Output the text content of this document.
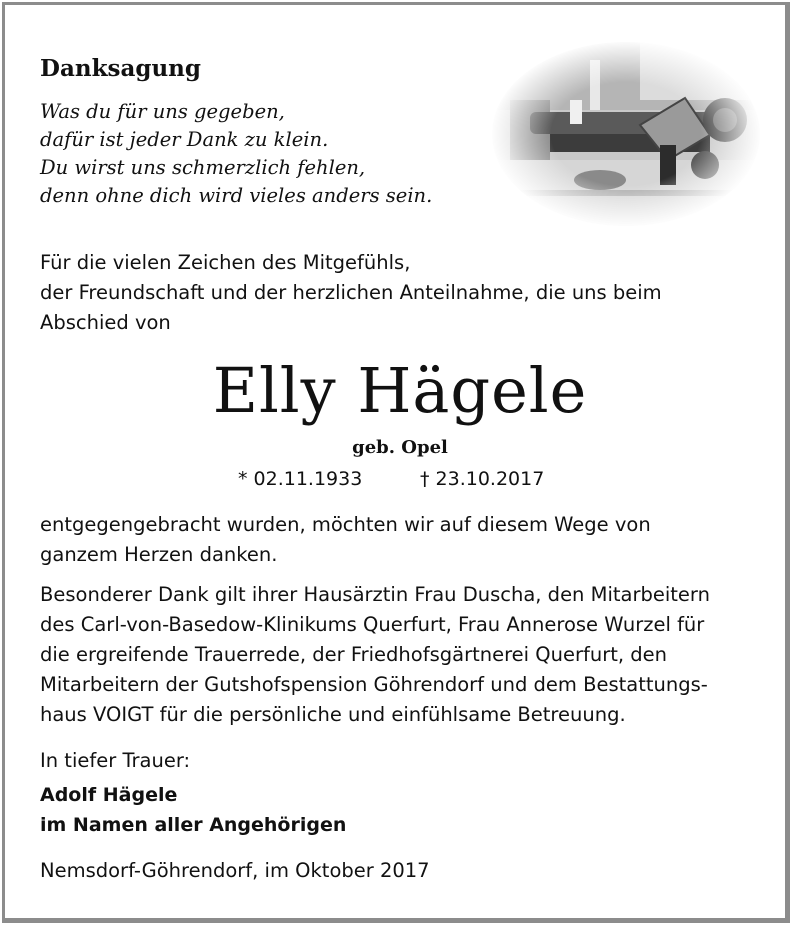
Danksagung
Was du für uns gegeben,
dafür ist jeder Dank zu klein.
Du wirst uns schmerzlich fehlen,
denn ohne dich wird vieles anders sein.
Für die vielen Zeichen des Mitgefühls,
der Freundschaft und der herzlichen Anteilnahme, die uns beim
Abschied von
Elly Hägele
geb. Opel
* 02.11.1933	† 23.10.2017
entgegengebracht wurden, möchten wir auf diesem Wege von
ganzem Herzen danken.
Besonderer Dank gilt ihrer Hausärztin Frau Duscha, den Mitarbeitern
des Carl-von-Basedow-Klinikums Querfurt, Frau Annerose Wurzel für
die ergreifende Trauerrede, der Friedhofsgärtnerei Querfurt, den
Mitarbeitern der Gutshofspension Göhrendorf und dem Bestattungs-
haus VOIGT für die persönliche und einfühlsame Betreuung.
In tiefer Trauer:
Adolf Hägele
im Namen aller Angehörigen
Nemsdorf-Göhrendorf, im Oktober 2017
